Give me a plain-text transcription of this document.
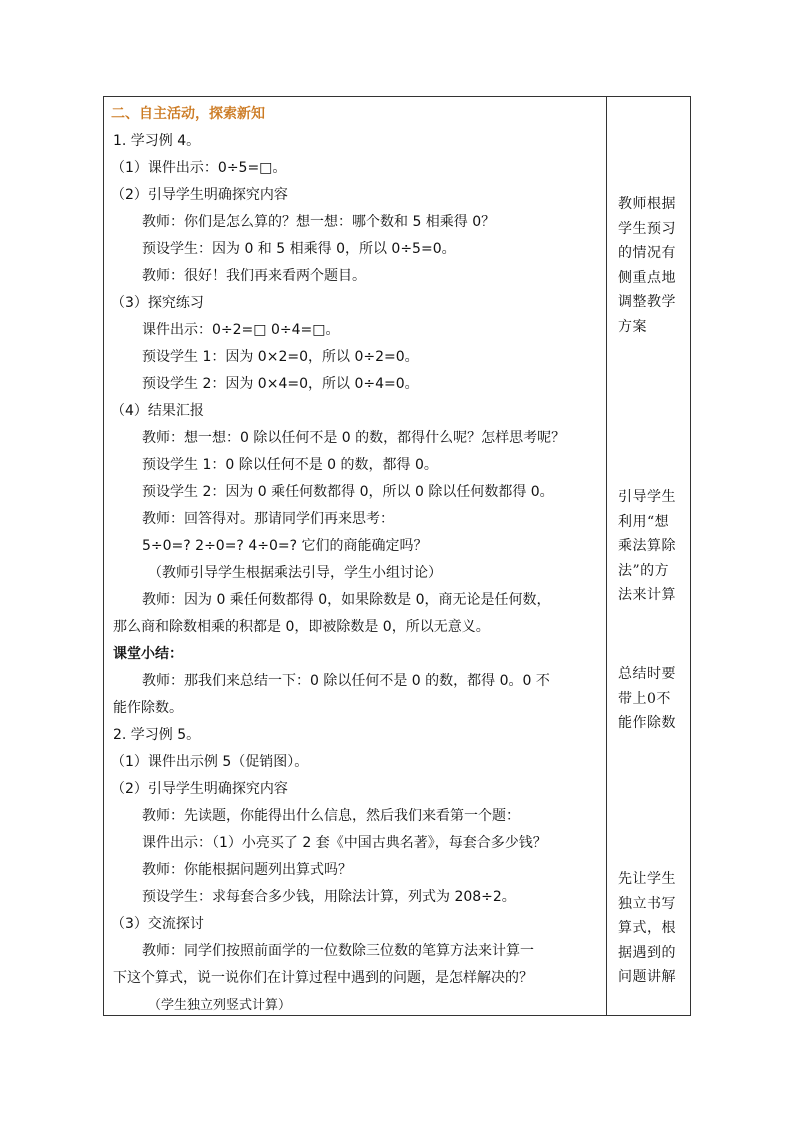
二、自主活动，探索新知
1. 学习例 4。
（1）课件出示：0÷5=□。
（2）引导学生明确探究内容
教师：你们是怎么算的？想一想：哪个数和 5 相乘得 0？
预设学生：因为 0 和 5 相乘得 0，所以 0÷5=0。
教师：很好！我们再来看两个题目。
（3）探究练习
课件出示：0÷2=□ 0÷4=□。
预设学生 1：因为 0×2=0，所以 0÷2=0。
预设学生 2：因为 0×4=0，所以 0÷4=0。
（4）结果汇报
教师：想一想：0 除以任何不是 0 的数，都得什么呢？怎样思考呢？
预设学生 1：0 除以任何不是 0 的数，都得 0。
预设学生 2：因为 0 乘任何数都得 0，所以 0 除以任何数都得 0。
教师：回答得对。那请同学们再来思考：
5÷0=? 2÷0=? 4÷0=? 它们的商能确定吗？
（教师引导学生根据乘法引导，学生小组讨论）
教师：因为 0 乘任何数都得 0，如果除数是 0，商无论是任何数，
那么商和除数相乘的积都是 0，即被除数是 0，所以无意义。
课堂小结：
教师：那我们来总结一下：0 除以任何不是 0 的数，都得 0。0 不
能作除数。
2. 学习例 5。
（1）课件出示例 5（促销图）。
（2）引导学生明确探究内容
教师：先读题，你能得出什么信息，然后我们来看第一个题：
课件出示：（1）小亮买了 2 套《中国古典名著》，每套合多少钱？
教师：你能根据问题列出算式吗？
预设学生：求每套合多少钱，用除法计算，列式为 208÷2。
（3）交流探讨
教师：同学们按照前面学的一位数除三位数的笔算方法来计算一
下这个算式，说一说你们在计算过程中遇到的问题，是怎样解决的？
（学生独立列竖式计算）
教师根据
学生预习
的情况有
侧重点地
调整教学
方案
引导学生
利用“想
乘法算除
法”的方
法来计算
总结时要
带上0不
能作除数
先让学生
独立书写
算式，根
据遇到的
问题讲解
